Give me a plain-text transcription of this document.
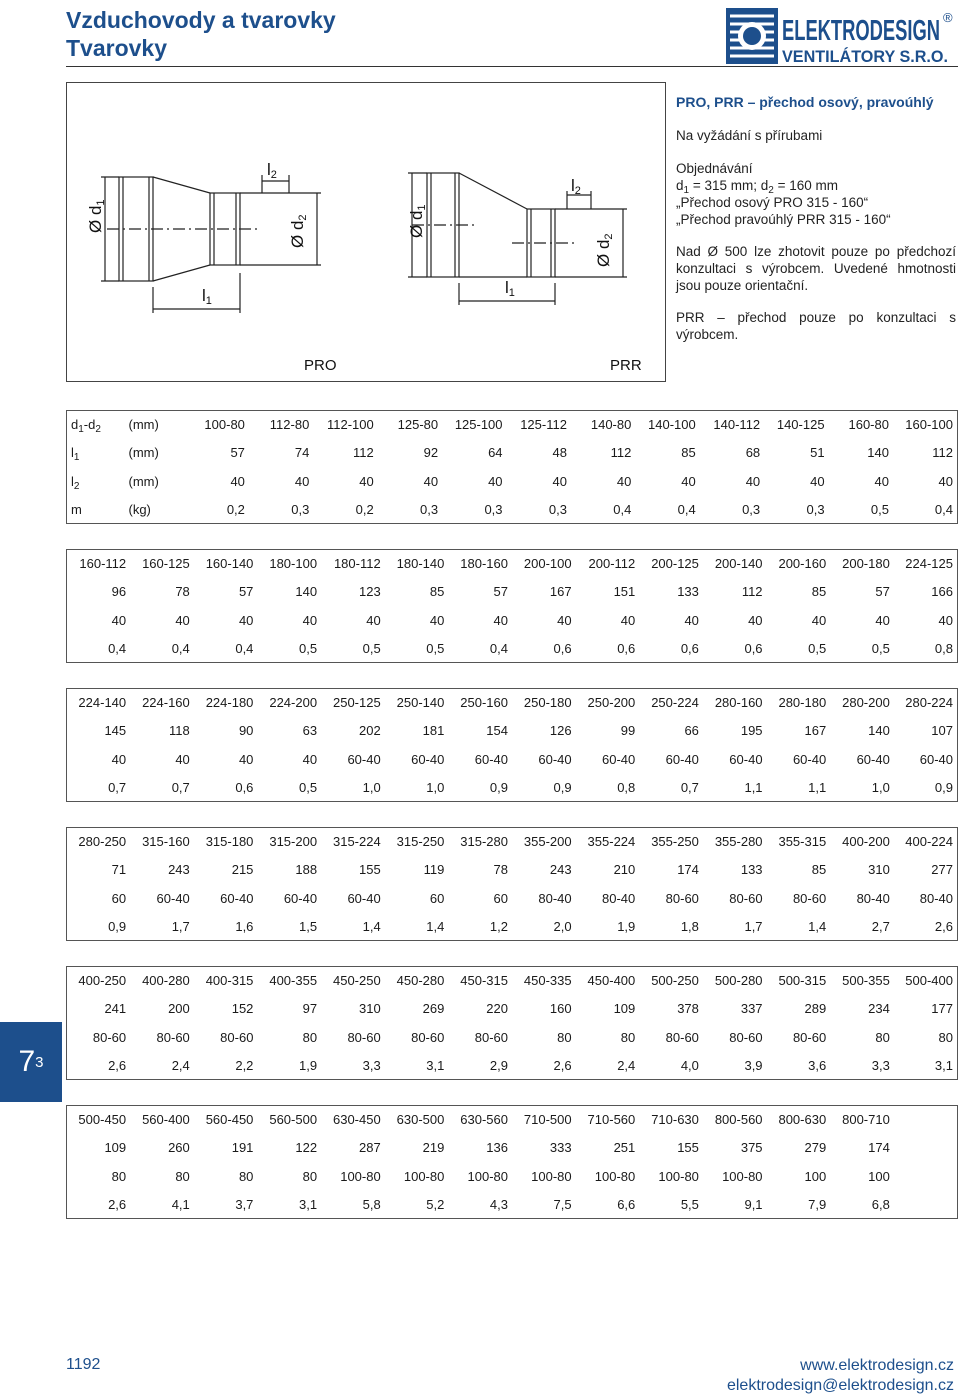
Vzduchovody a tvarovky
Tvarovky
ELEKTRODESIGN
VENTILÁTORY S.R.O.
®
Ø d1
Ø d2
l2
l1
Ø d1
Ø d2
l2
l1
PRO	PRR
PRO, PRR – přechod osový, pravoúhlý
Na vyžádání s přírubami
Objednávání
$d_1 = 315$ mm; $d_2 = 160$ mm
„Přechod osový PRO 315 - 160“
„Přechod pravoúhlý PRR 315 - 160“
Nad Ø 500 lze zhotovit pouze po předchozí konzultaci s výrobcem. Uvedené hmotnosti jsou pouze orientační.
PRR – přechod pouze po konzultaci s výrobcem.
$d_1-d_2$	(mm)	100-80	112-80	112-100	125-80	125-100	125-112	140-80	140-100	140-112	140-125	160-80	160-100
$l_1$	(mm)	57	74	112	92	64	48	112	85	68	51	140	112
$l_2$	(mm)	40	40	40	40	40	40	40	40	40	40	40	40
m	(kg)	0,2	0,3	0,2	0,3	0,3	0,3	0,4	0,4	0,3	0,3	0,5	0,4
160-112	160-125	160-140	180-100	180-112	180-140	180-160	200-100	200-112	200-125	200-140	200-160	200-180	224-125
96	78	57	140	123	85	57	167	151	133	112	85	57	166
40	40	40	40	40	40	40	40	40	40	40	40	40	40
0,4	0,4	0,4	0,5	0,5	0,5	0,4	0,6	0,6	0,6	0,6	0,5	0,5	0,8
224-140	224-160	224-180	224-200	250-125	250-140	250-160	250-180	250-200	250-224	280-160	280-180	280-200	280-224
145	118	90	63	202	181	154	126	99	66	195	167	140	107
40	40	40	40	60-40	60-40	60-40	60-40	60-40	60-40	60-40	60-40	60-40	60-40
0,7	0,7	0,6	0,5	1,0	1,0	0,9	0,9	0,8	0,7	1,1	1,1	1,0	0,9
280-250	315-160	315-180	315-200	315-224	315-250	315-280	355-200	355-224	355-250	355-280	355-315	400-200	400-224
71	243	215	188	155	119	78	243	210	174	133	85	310	277
60	60-40	60-40	60-40	60-40	60	60	80-40	80-40	80-60	80-60	80-60	80-40	80-40
0,9	1,7	1,6	1,5	1,4	1,4	1,2	2,0	1,9	1,8	1,7	1,4	2,7	2,6
400-250	400-280	400-315	400-355	450-250	450-280	450-315	450-335	450-400	500-250	500-280	500-315	500-355	500-400
241	200	152	97	310	269	220	160	109	378	337	289	234	177
80-60	80-60	80-60	80	80-60	80-60	80-60	80	80	80-60	80-60	80-60	80	80
2,6	2,4	2,2	1,9	3,3	3,1	2,9	2,6	2,4	4,0	3,9	3,6	3,3	3,1
500-450	560-400	560-450	560-500	630-450	630-500	630-560	710-500	710-560	710-630	800-560	800-630	800-710	
109	260	191	122	287	219	136	333	251	155	375	279	174	
80	80	80	80	100-80	100-80	100-80	100-80	100-80	100-80	100-80	100	100	
2,6	4,1	3,7	3,1	5,8	5,2	4,3	7,5	6,6	5,5	9,1	7,9	6,8	
7 3
1192	www.elektrodesign.cz
elektrodesign@elektrodesign.cz
